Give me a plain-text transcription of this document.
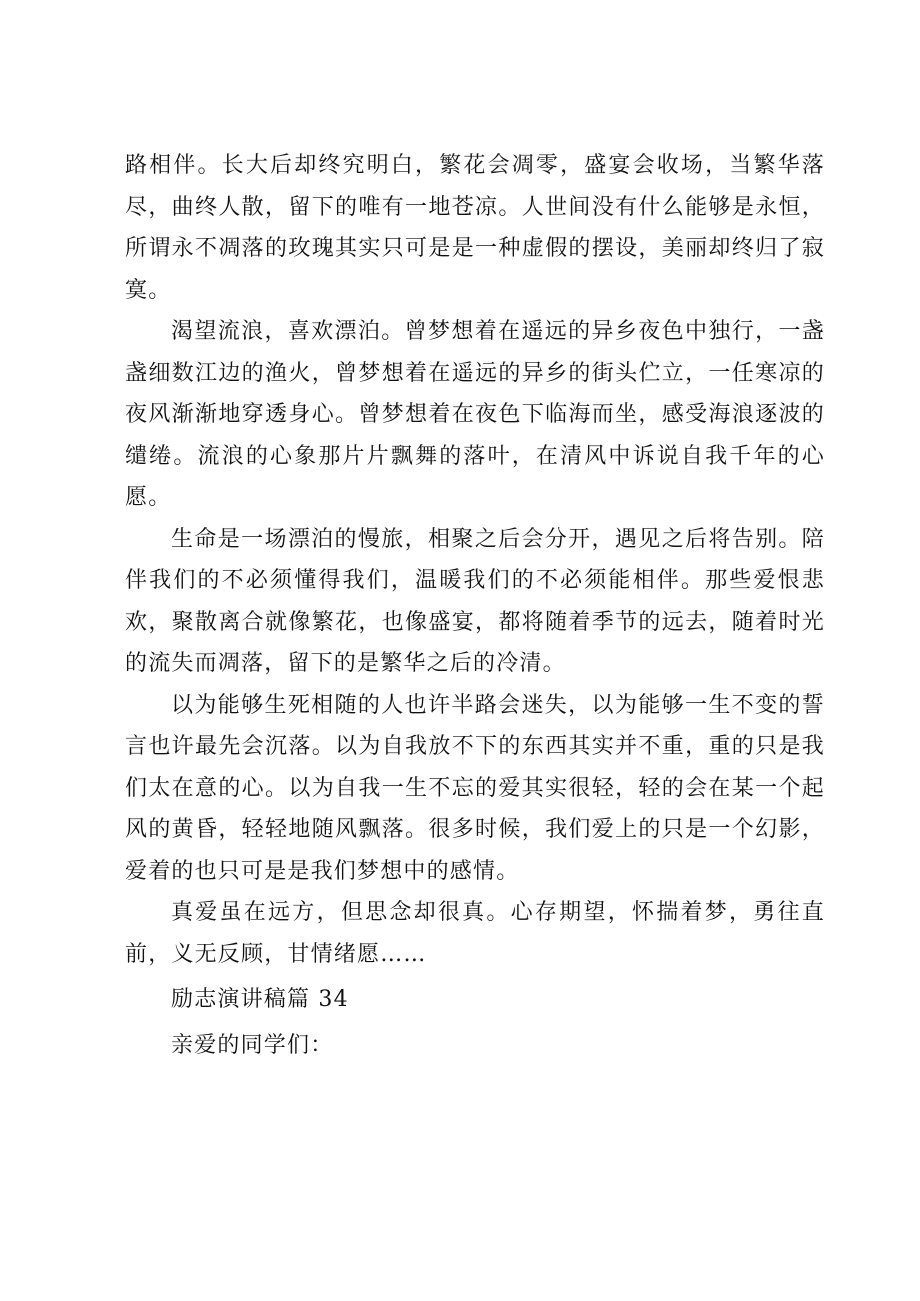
路相伴。长大后却终究明白，繁花会凋零，盛宴会收场，当繁华落尽，曲终人散，留下的唯有一地苍凉。人世间没有什么能够是永恒，所谓永不凋落的玫瑰其实只可是是一种虚假的摆设，美丽却终归了寂寞。

渴望流浪，喜欢漂泊。曾梦想着在遥远的异乡夜色中独行，一盏盏细数江边的渔火，曾梦想着在遥远的异乡的街头伫立，一任寒凉的夜风渐渐地穿透身心。曾梦想着在夜色下临海而坐，感受海浪逐波的缱绻。流浪的心象那片片飘舞的落叶，在清风中诉说自我千年的心愿。

生命是一场漂泊的慢旅，相聚之后会分开，遇见之后将告别。陪伴我们的不必须懂得我们，温暖我们的不必须能相伴。那些爱恨悲欢，聚散离合就像繁花，也像盛宴，都将随着季节的远去，随着时光的流失而凋落，留下的是繁华之后的冷清。

以为能够生死相随的人也许半路会迷失，以为能够一生不变的誓言也许最先会沉落。以为自我放不下的东西其实并不重，重的只是我们太在意的心。以为自我一生不忘的爱其实很轻，轻的会在某一个起风的黄昏，轻轻地随风飘落。很多时候，我们爱上的只是一个幻影，爱着的也只可是是我们梦想中的感情。

真爱虽在远方，但思念却很真。心存期望，怀揣着梦，勇往直前，义无反顾，甘情绪愿……

励志演讲稿篇 34

亲爱的同学们：
